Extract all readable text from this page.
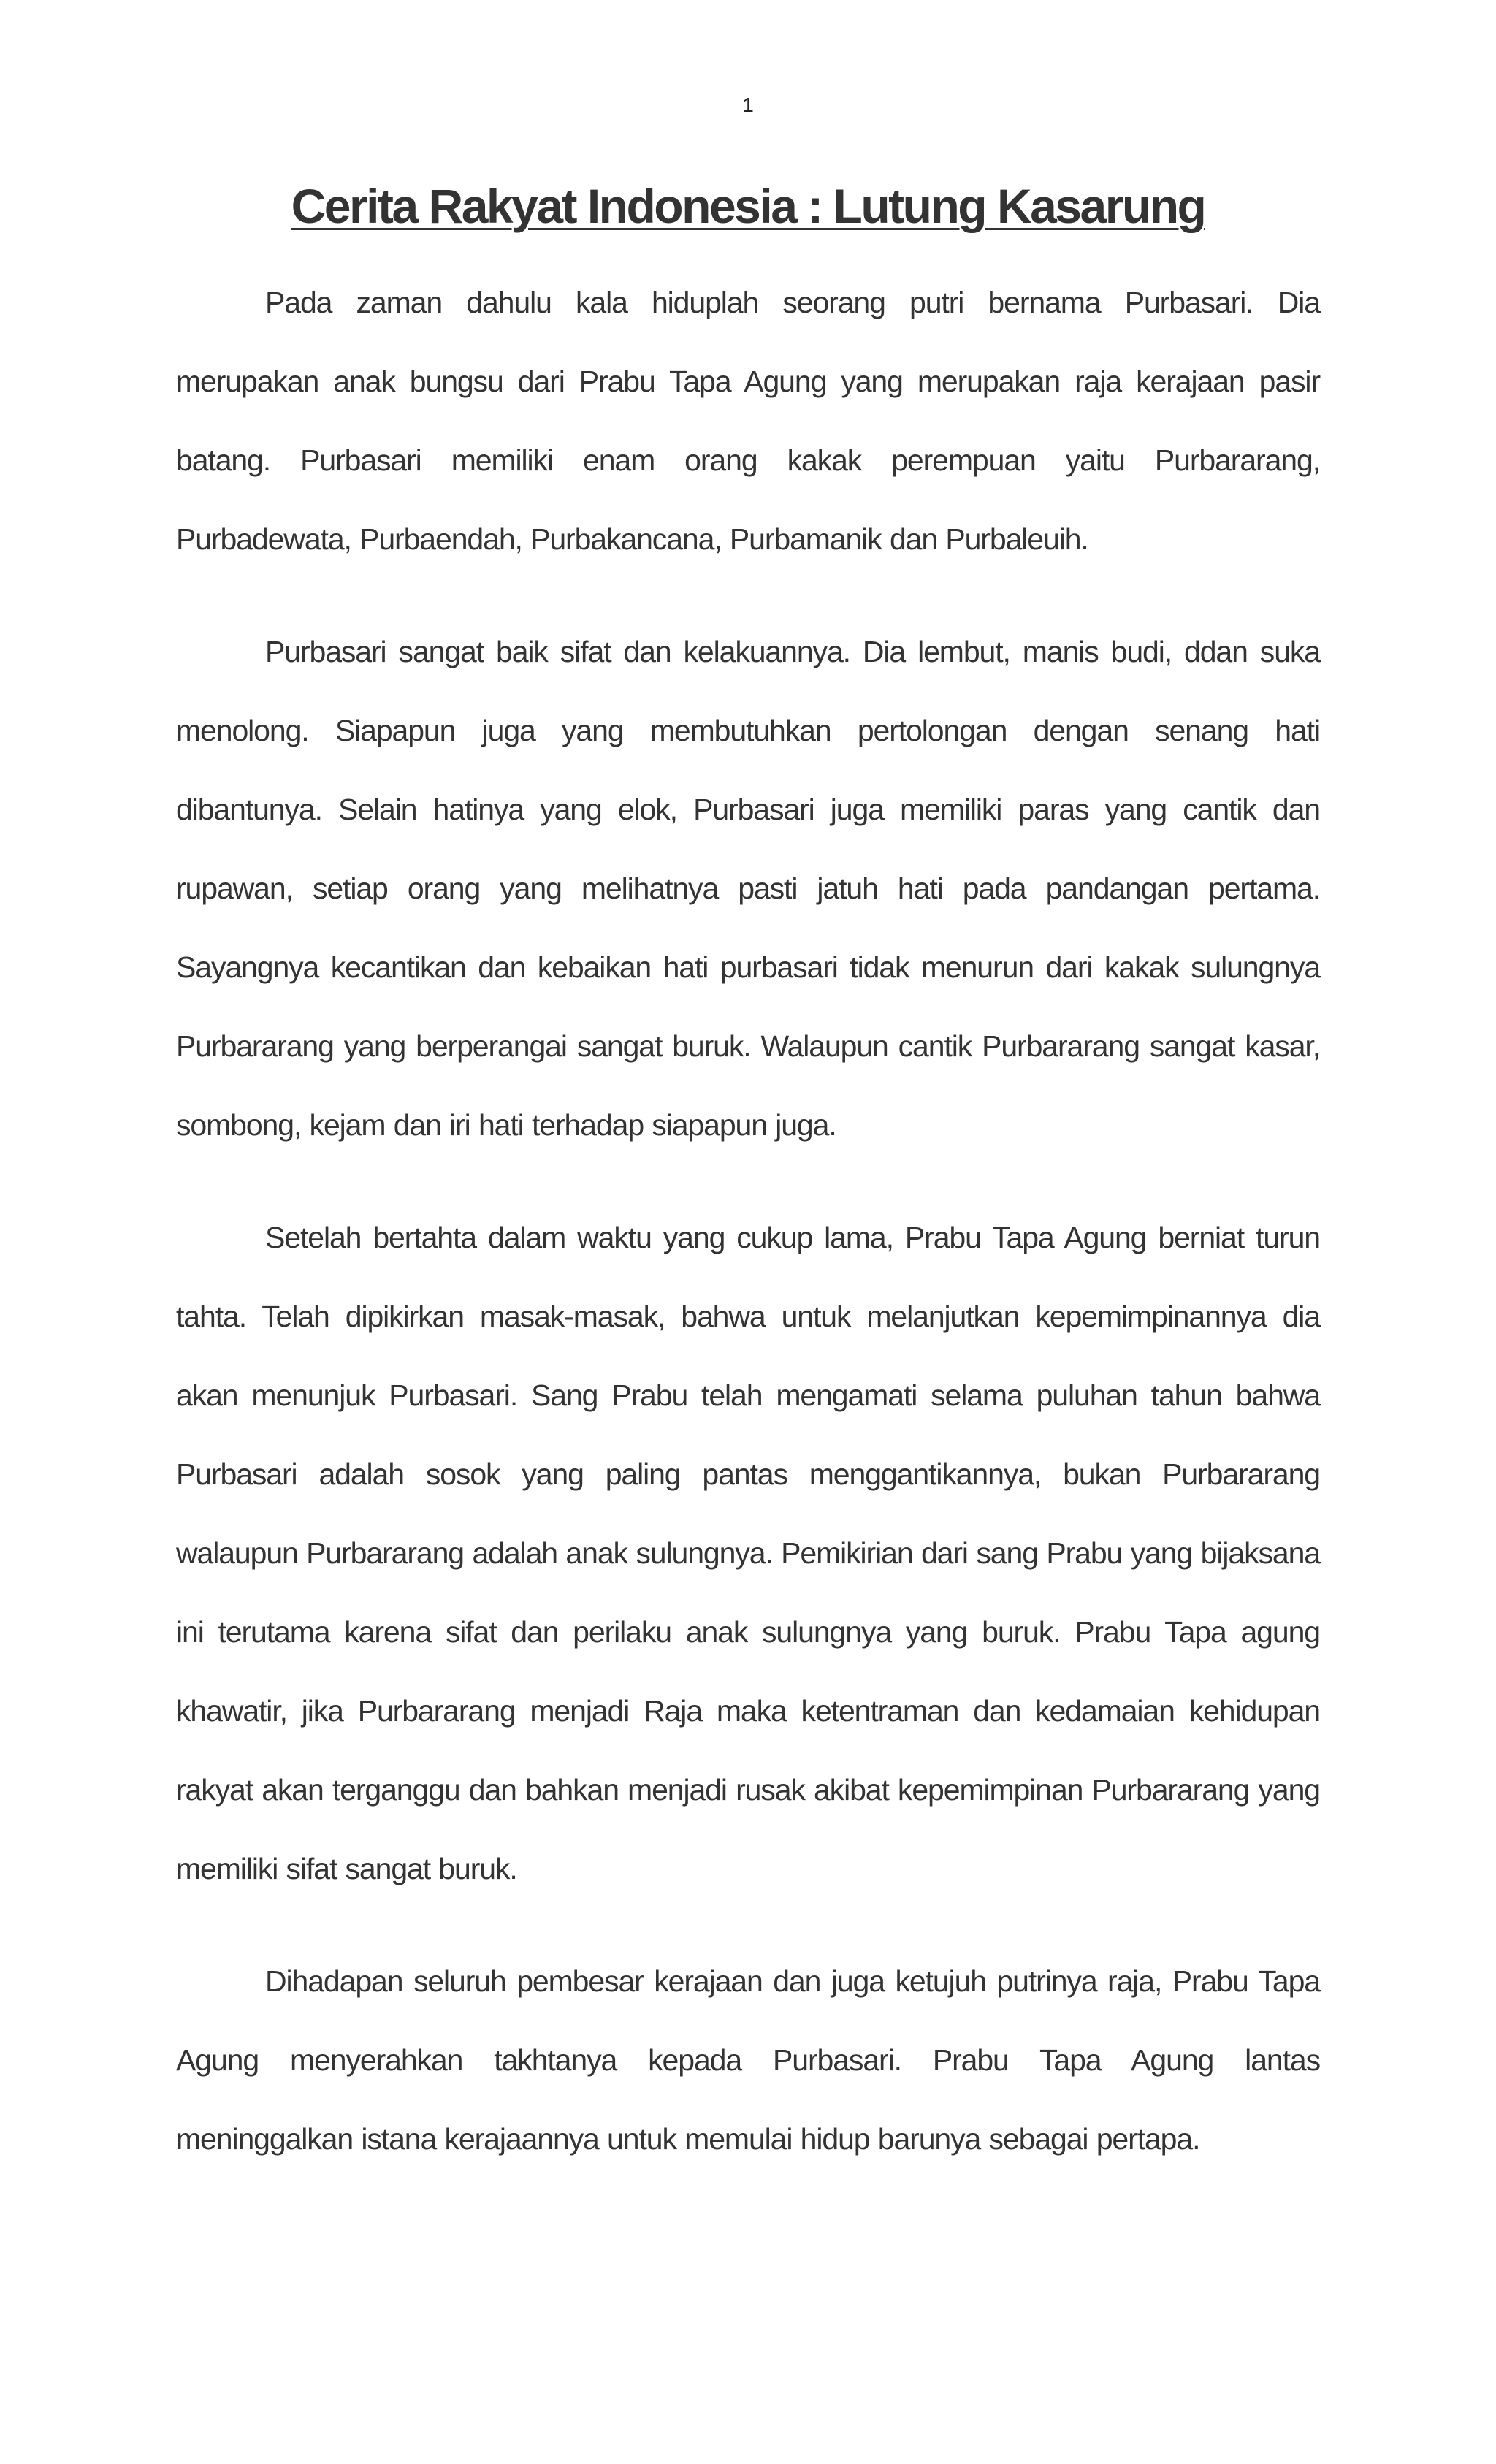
1
Cerita Rakyat Indonesia : Lutung Kasarung

Pada zaman dahulu kala hiduplah seorang putri bernama Purbasari. Dia merupakan anak bungsu dari Prabu Tapa Agung yang merupakan raja kerajaan pasir batang. Purbasari memiliki enam orang kakak perempuan yaitu Purbararang, Purbadewata, Purbaendah, Purbakancana, Purbamanik dan Purbaleuih.

Purbasari sangat baik sifat dan kelakuannya. Dia lembut, manis budi, ddan suka menolong. Siapapun juga yang membutuhkan pertolongan dengan senang hati dibantunya. Selain hatinya yang elok, Purbasari juga memiliki paras yang cantik dan rupawan, setiap orang yang melihatnya pasti jatuh hati pada pandangan pertama. Sayangnya kecantikan dan kebaikan hati purbasari tidak menurun dari kakak sulungnya Purbararang yang berperangai sangat buruk. Walaupun cantik Purbararang sangat kasar, sombong, kejam dan iri hati terhadap siapapun juga.

Setelah bertahta dalam waktu yang cukup lama, Prabu Tapa Agung berniat turun tahta. Telah dipikirkan masak-masak, bahwa untuk melanjutkan kepemimpinannya dia akan menunjuk Purbasari. Sang Prabu telah mengamati selama puluhan tahun bahwa Purbasari adalah sosok yang paling pantas menggantikannya, bukan Purbararang walaupun Purbararang adalah anak sulungnya. Pemikirian dari sang Prabu yang bijaksana ini terutama karena sifat dan perilaku anak sulungnya yang buruk. Prabu Tapa agung khawatir, jika Purbararang menjadi Raja maka ketentraman dan kedamaian kehidupan rakyat akan terganggu dan bahkan menjadi rusak akibat kepemimpinan Purbararang yang memiliki sifat sangat buruk.

Dihadapan seluruh pembesar kerajaan dan juga ketujuh putrinya raja, Prabu Tapa Agung menyerahkan takhtanya kepada Purbasari. Prabu Tapa Agung lantas meninggalkan istana kerajaannya untuk memulai hidup barunya sebagai pertapa.
